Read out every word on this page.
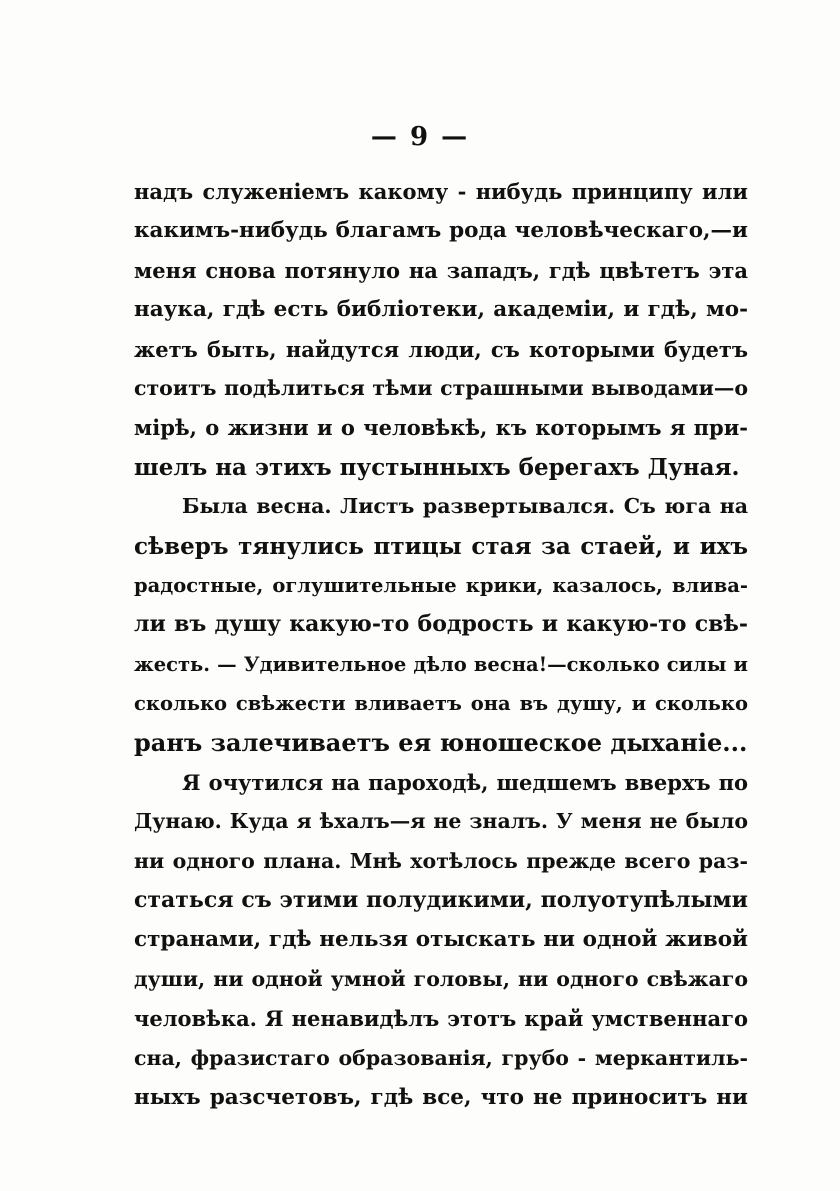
— 9 —
надъ служеніемъ какому - нибудь принципу или
какимъ-нибудь благамъ рода человѣческаго,—и
меня снова потянуло на западъ, гдѣ цвѣтетъ эта
наука, гдѣ есть библіотеки, академіи, и гдѣ, мо-
жетъ быть, найдутся люди, съ которыми будетъ
стоитъ подѣлиться тѣми страшными выводами—о
мірѣ, о жизни и о человѣкѣ, къ которымъ я при-
шелъ на этихъ пустынныхъ берегахъ Дуная.
Была весна. Листъ развертывался. Съ юга на
сѣверъ тянулись птицы стая за стаей, и ихъ
радостные, оглушительные крики, казалось, влива-
ли въ душу какую-то бодрость и какую-то свѣ-
жесть. — Удивительное дѣло весна!—сколько силы и
сколько свѣжести вливаетъ она въ душу, и сколько
ранъ залечиваетъ ея юношеское дыханіе...
Я очутился на пароходѣ, шедшемъ вверхъ по
Дунаю. Куда я ѣхалъ—я не зналъ. У меня не было
ни одного плана. Мнѣ хотѣлось прежде всего раз-
статься съ этими полудикими, полуотупѣлыми
странами, гдѣ нельзя отыскать ни одной живой
души, ни одной умной головы, ни одного свѣжаго
человѣка. Я ненавидѣлъ этотъ край умственнаго
сна, фразистаго образованія, грубо - меркантиль-
ныхъ разсчетовъ, гдѣ все, что не приноситъ ни
